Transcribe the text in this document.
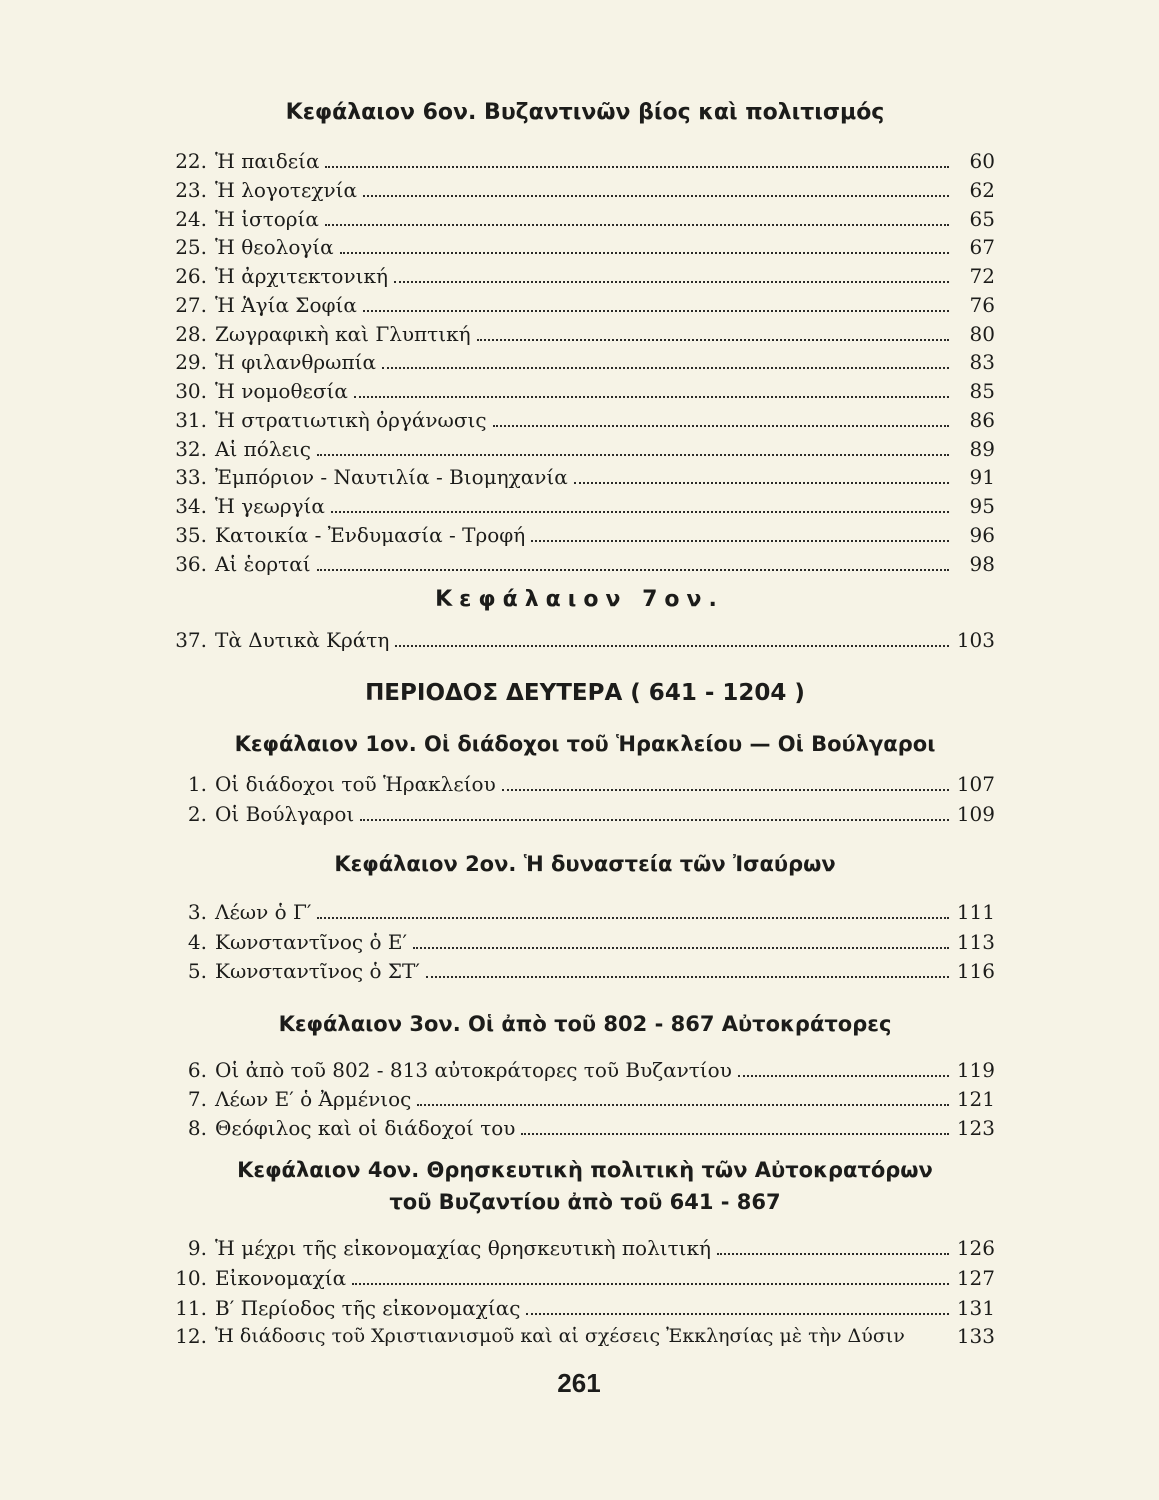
Κεφάλαιον 6ον. Βυζαντινῶν βίος καὶ πολιτισμός
22. Ἡ παιδεία	60
23. Ἡ λογοτεχνία	62
24. Ἡ ἱστορία	65
25. Ἡ θεολογία	67
26. Ἡ ἀρχιτεκτονική	72
27. Ἡ Ἁγία Σοφία	76
28. Ζωγραφικὴ καὶ Γλυπτική	80
29. Ἡ φιλανθρωπία	83
30. Ἡ νομοθεσία	85
31. Ἡ στρατιωτικὴ ὀργάνωσις	86
32. Αἱ πόλεις	89
33. Ἐμπόριον - Ναυτιλία - Βιομηχανία	91
34. Ἡ γεωργία	95
35. Κατοικία - Ἐνδυμασία - Τροφή	96
36. Αἱ ἑορταί	98
Κεφάλαιον 7ον.
37. Τὰ Δυτικὰ Κράτη	103
ΠΕΡΙΟΔΟΣ ΔΕΥΤΕΡΑ ( 641 - 1204 )
Κεφάλαιον 1ον. Οἱ διάδοχοι τοῦ Ἡρακλείου — Οἱ Βούλγαροι
1. Οἱ διάδοχοι τοῦ Ἡρακλείου	107
2. Οἱ Βούλγαροι	109
Κεφάλαιον 2ον. Ἡ δυναστεία τῶν Ἰσαύρων
3. Λέων ὁ Γ′	111
4. Κωνσταντῖνος ὁ Ε′	113
5. Κωνσταντῖνος ὁ ΣΤ′	116
Κεφάλαιον 3ον. Οἱ ἀπὸ τοῦ 802 - 867 Αὐτοκράτορες
6. Οἱ ἀπὸ τοῦ 802 - 813 αὐτοκράτορες τοῦ Βυζαντίου	119
7. Λέων Ε′ ὁ Ἀρμένιος	121
8. Θεόφιλος καὶ οἱ διάδοχοί του	123
Κεφάλαιον 4ον. Θρησκευτικὴ πολιτικὴ τῶν Αὐτοκρατόρων
τοῦ Βυζαντίου ἀπὸ τοῦ 641 - 867
9. Ἡ μέχρι τῆς εἰκονομαχίας θρησκευτικὴ πολιτική	126
10. Εἰκονομαχία	127
11. Β′ Περίοδος τῆς εἰκονομαχίας	131
12. Ἡ διάδοσις τοῦ Χριστιανισμοῦ καὶ αἱ σχέσεις Ἐκκλησίας μὲ τὴν Δύσιν	133
261
